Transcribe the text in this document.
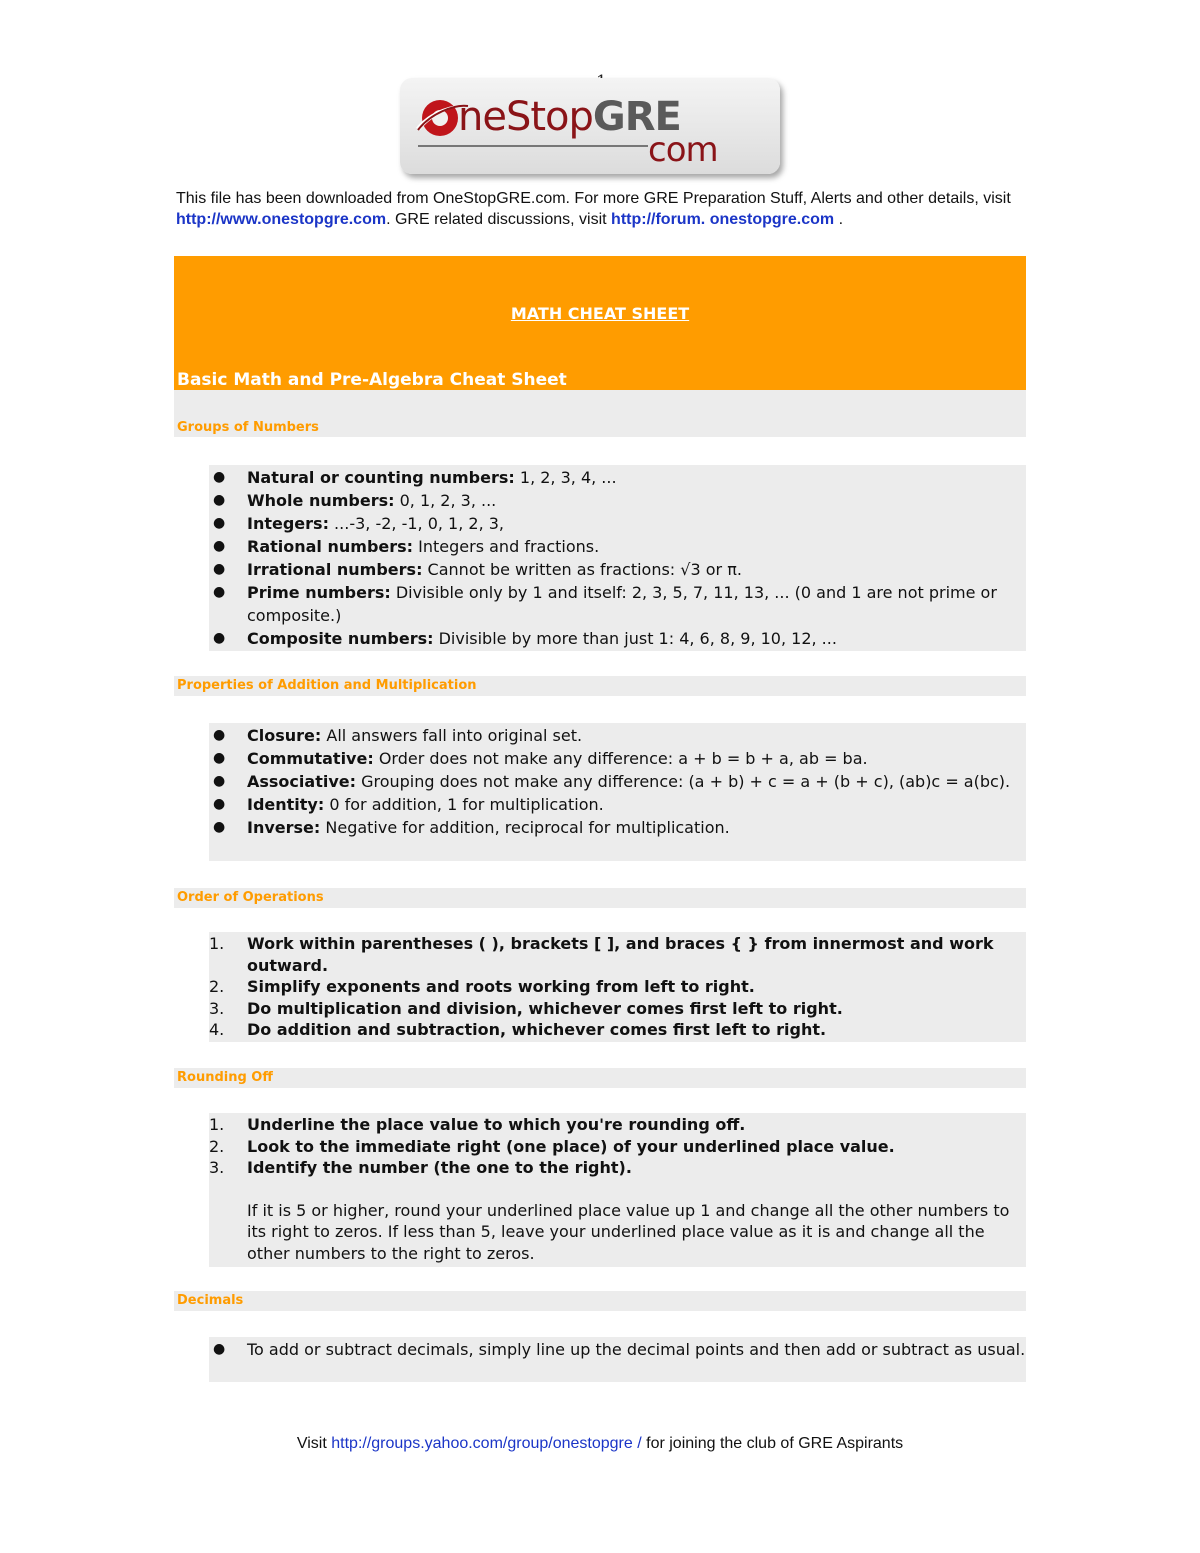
neStopGRE
com
This file has been downloaded from OneStopGRE.com. For more GRE Preparation Stuff, Alerts and other details, visit http://www.onestopgre.com. GRE related discussions, visit http://forum. onestopgre.com .
MATH CHEAT SHEET
Basic Math and Pre-Algebra Cheat Sheet
Groups of Numbers
● Natural or counting numbers: 1, 2, 3, 4, ...
● Whole numbers: 0, 1, 2, 3, ...
● Integers: ...-3, -2, -1, 0, 1, 2, 3,
● Rational numbers: Integers and fractions.
● Irrational numbers: Cannot be written as fractions: √3 or π.
● Prime numbers: Divisible only by 1 and itself: 2, 3, 5, 7, 11, 13, ... (0 and 1 are not prime or composite.)
● Composite numbers: Divisible by more than just 1: 4, 6, 8, 9, 10, 12, ...
Properties of Addition and Multiplication
● Closure: All answers fall into original set.
● Commutative: Order does not make any difference: a + b = b + a, ab = ba.
● Associative: Grouping does not make any difference: (a + b) + c = a + (b + c), (ab)c = a(bc).
● Identity: 0 for addition, 1 for multiplication.
● Inverse: Negative for addition, reciprocal for multiplication.
Order of Operations
1.	Work within parentheses ( ), brackets [ ], and braces { } from innermost and work outward.
2.	Simplify exponents and roots working from left to right.
3.	Do multiplication and division, whichever comes first left to right.
4.	Do addition and subtraction, whichever comes first left to right.
Rounding Off
1.	Underline the place value to which you're rounding off.
2.	Look to the immediate right (one place) of your underlined place value.
3.	Identify the number (the one to the right).
If it is 5 or higher, round your underlined place value up 1 and change all the other numbers to its right to zeros. If less than 5, leave your underlined place value as it is and change all the other numbers to the right to zeros.
Decimals
● To add or subtract decimals, simply line up the decimal points and then add or subtract as usual.
Visit http://groups.yahoo.com/group/onestopgre / for joining the club of GRE Aspirants
